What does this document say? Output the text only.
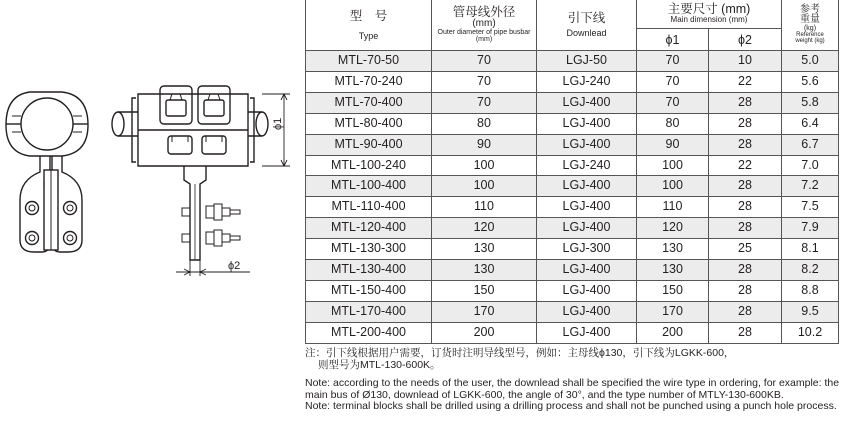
ϕ1
ϕ2
型　号
Type	管母线外径
(mm)
Outer diameter of pipe busbar (mm)	引下线
Downlead	主要尺寸 (mm)
Main dimension (mm)		参考
重量
(kg)
Reference
weight (kg)

			ϕ1	ϕ2	
MTL-70-50	70	LGJ-50	70	10	5.0
MTL-70-240	70	LGJ-240	70	22	5.6
MTL-70-400	70	LGJ-400	70	28	5.8
MTL-80-400	80	LGJ-400	80	28	6.4
MTL-90-400	90	LGJ-400	90	28	6.7
MTL-100-240	100	LGJ-240	100	22	7.0
MTL-100-400	100	LGJ-400	100	28	7.2
MTL-110-400	110	LGJ-400	110	28	7.5
MTL-120-400	120	LGJ-400	120	28	7.9
MTL-130-300	130	LGJ-300	130	25	8.1
MTL-130-400	130	LGJ-400	130	28	8.2
MTL-150-400	150	LGJ-400	150	28	8.8
MTL-170-400	170	LGJ-400	170	28	9.5
MTL-200-400	200	LGJ-400	200	28	10.2

注：引下线根据用户需要，订货时注明导线型号，例如：主母线ϕ130，引下线为LGKK-600，

则型号为MTL-130-600K。

Note: according to the needs of the user, the downlead shall be specified the wire type in ordering, for example: the main bus of Ø130, downlead of LGKK-600, the angle of 30°, and the type number of MTLY-130-600KB.

Note: terminal blocks shall be drilled using a drilling process and shall not be punched using a punch hole process.
